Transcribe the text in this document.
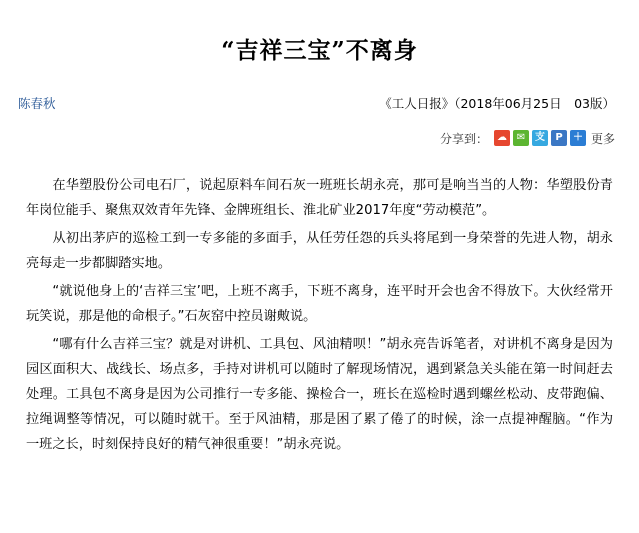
“吉祥三宝”不离身
陈春秋	《工人日报》（2018年06月25日　03版）
分享到： ☁ ✉ 支	P	＋ 更多

在华塑股份公司电石厂，说起原料车间石灰一班班长胡永亮，那可是响当当的人物：华塑股份青年岗位能手、聚焦双效青年先锋、金牌班组长、淮北矿业2017年度“劳动模范”。

从初出茅庐的巡检工到一专多能的多面手，从任劳任怨的兵头将尾到一身荣誉的先进人物，胡永亮每走一步都脚踏实地。

“就说他身上的‘吉祥三宝’吧，上班不离手，下班不离身，连平时开会也舍不得放下。大伙经常开玩笑说，那是他的命根子。”石灰窑中控员谢敟说。

“哪有什么吉祥三宝？就是对讲机、工具包、风油精呗！”胡永亮告诉笔者，对讲机不离身是因为园区面积大、战线长、场点多，手持对讲机可以随时了解现场情况，遇到紧急关头能在第一时间赶去处理。工具包不离身是因为公司推行一专多能、操检合一，班长在巡检时遇到螺丝松动、皮带跑偏、拉绳调整等情况，可以随时就干。至于风油精，那是困了累了倦了的时候，涂一点提神醒脑。“作为一班之长，时刻保持良好的精气神很重要！”胡永亮说。
